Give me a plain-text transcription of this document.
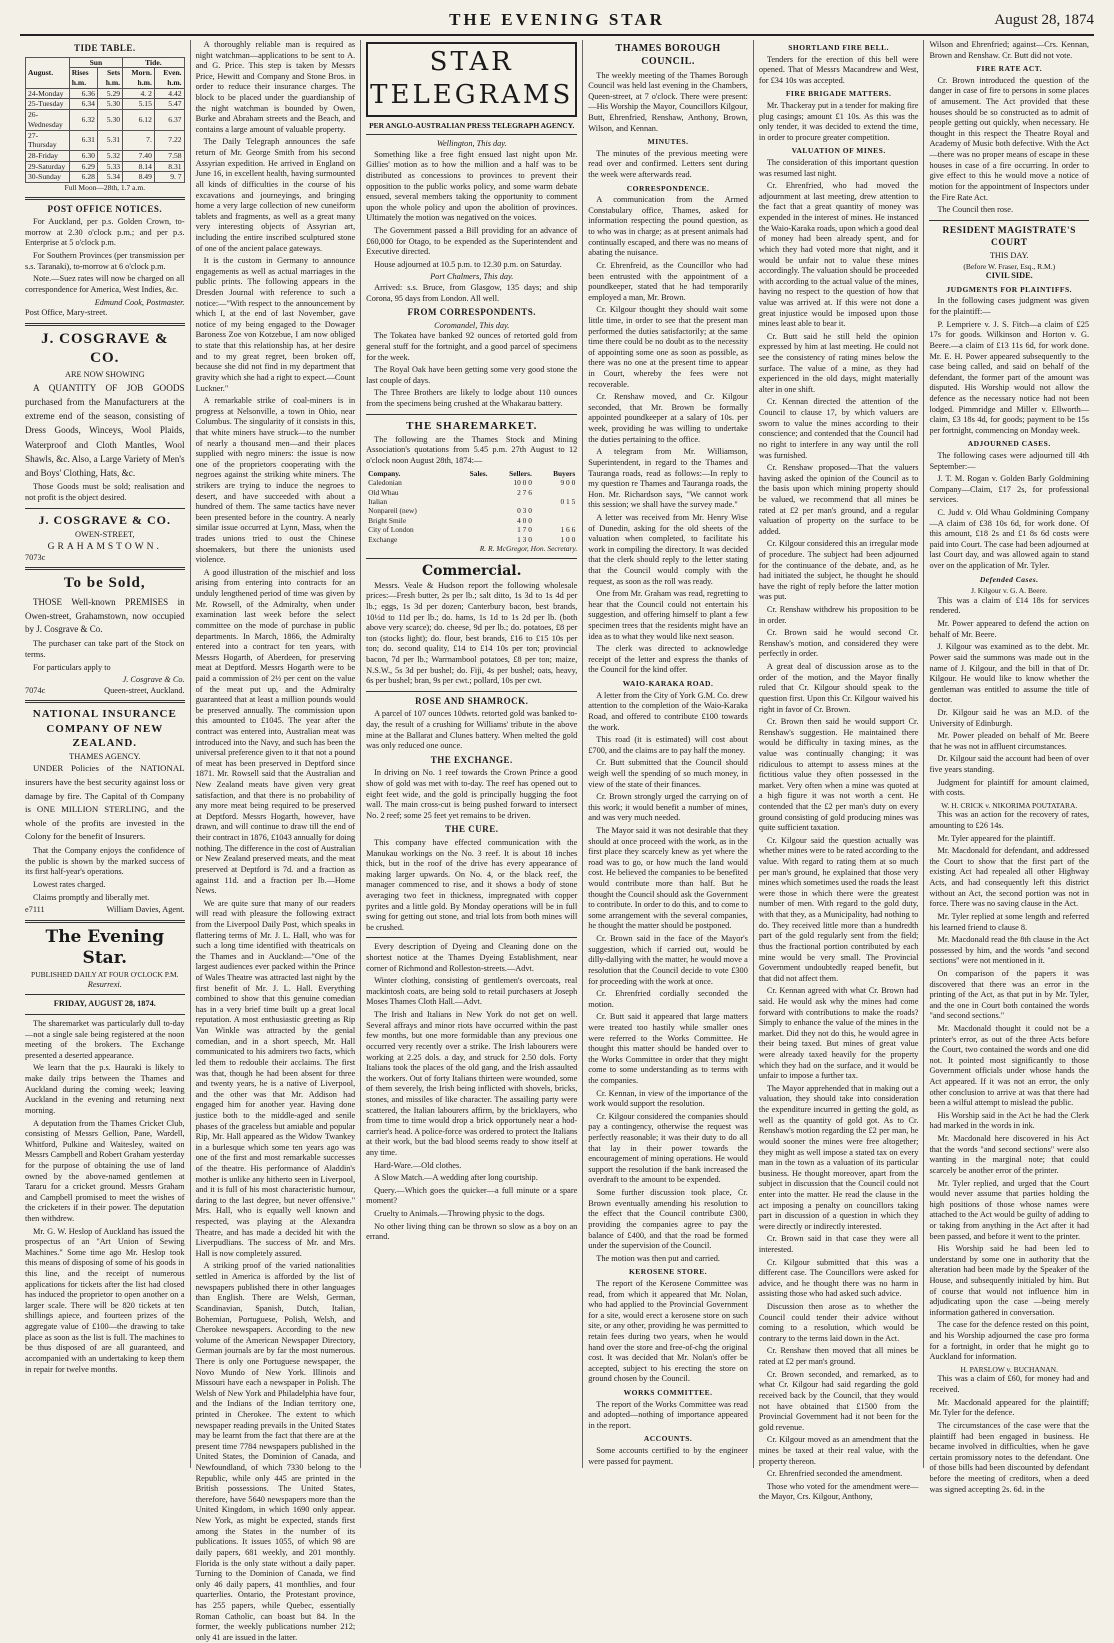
THE EVENING STAR	August 28, 1874
TIDE TABLE.
August.	Sun		Tide.	
	Rises h.m.	Sets h.m.	Morn. h.m.	Even. h.m.
24-Monday	6.36	5.29	4. 2	4.42
25-Tuesday	6.34	5.30	5.15	5.47
26-Wednesday	6.32	5.30	6.12	6.37
27-Thursday	6.31	5.31	7.	7.22
28-Friday	6.30	5.32	7.40	7.58
29-Saturday	6.29	5.33	8.14	8.31
30-Sunday	6.28	5.34	8.49	9. 7
Full Moon—28th, 1.7 a.m.
POST OFFICE NOTICES.

For Auckland, per p.s. Golden Crown, to-morrow at 2.30 o'clock p.m.; and per p.s. Enterprise at 5 o'clock p.m.

For Southern Provinces (per transmission per s.s. Taranaki), to-morrow at 6 o'clock p.m.

Note.—Suez rates will now be charged on all correspondence for America, West Indies, &c.

Edmund Cook, Postmaster.
Post Office, Mary-street.
J. COSGRAVE & CO.
ARE NOW SHOWING

A QUANTITY OF JOB GOODS purchased from the Manufacturers at the extreme end of the season, consisting of Dress Goods, Winceys, Wool Plaids, Waterproof and Cloth Mantles, Wool Shawls, &c. Also, a Large Variety of Men's and Boys' Clothing, Hats, &c.

Those Goods must be sold; realisation and not profit is the object desired.

J. COSGRAVE & CO.
OWEN-STREET,
GRAHAMSTOWN.
7073c
To be Sold,

THOSE Well-known PREMISES in Owen-street, Grahamstown, now occupied by J. Cosgrave & Co.

The purchaser can take part of the Stock on terms.

For particulars apply to

J. Cosgrave & Co.
7074c	Queen-street, Auckland.
NATIONAL INSURANCE COMPANY OF NEW ZEALAND.
THAMES AGENCY.

UNDER Policies of the NATIONAL insurers have the best security against loss or damage by fire. The Capital of th Company is ONE MILLION STERLING, and the whole of the profits are invested in the Colony for the benefit of Insurers.

That the Company enjoys the confidence of the public is shown by the marked success of its first half-year's operations.

Lowest rates charged.

Claims promptly and liberally met.

e7111	William Davies, Agent.
The Evening Star.
PUBLISHED DAILY AT FOUR O'CLOCK P.M.
Resurrexi.
FRIDAY, AUGUST 28, 1874.

The sharemarket was particularly dull to-day—not a single sale being registered at the noon meeting of the brokers. The Exchange presented a deserted appearance.

We learn that the p.s. Hauraki is likely to make daily trips between the Thames and Auckland during the coming week; leaving Auckland in the evening and returning next morning.

A deputation from the Thames Cricket Club, consisting of Messrs Gellion, Pane, Wardell, Whitford, Pulkine and Waitesley, waited on Messrs Campbell and Robert Graham yesterday for the purpose of obtaining the use of land owned by the above-named gentlemen at Tararu for a cricket ground. Messrs Graham and Campbell promised to meet the wishes of the cricketers if in their power. The deputation then withdrew.

Mr. G. W. Heslop of Auckland has issued the prospectus of an "Art Union of Sewing Machines." Some time ago Mr. Heslop took this means of disposing of some of his goods in this line, and the receipt of numerous applications for tickets after the list had closed has induced the proprietor to open another on a larger scale. There will be 820 tickets at ten shillings apiece, and fourteen prizes of the aggregate value of £100—the drawing to take place as soon as the list is full. The machines to be thus disposed of are all guaranteed, and accompanied with an undertaking to keep them in repair for twelve months.

A thoroughly reliable man is required as night watchman—applications to be sent to A. and G. Price. This step is taken by Messrs Price, Hewitt and Company and Stone Bros. in order to reduce their insurance charges. The block to be placed under the guardianship of the night watchman is bounded by Owen, Burke and Abraham streets and the Beach, and contains a large amount of valuable property.

The Daily Telegraph announces the safe return of Mr. George Smith from his second Assyrian expedition. He arrived in England on June 16, in excellent health, having surmounted all kinds of difficulties in the course of his excavations and journeyings, and bringing home a very large collection of new cuneiform tablets and fragments, as well as a great many very interesting objects of Assyrian art, including the entire inscribed sculptured stone of one of the ancient palace gateways.

It is the custom in Germany to announce engagements as well as actual marriages in the public prints. The following appears in the Dresden Journal with reference to such a notice:—"With respect to the announcement by which I, at the end of last November, gave notice of my being engaged to the Dowager Baroness Zoe von Kotzebue, I am now obliged to state that this relationship has, at her desire and to my great regret, been broken off, because she did not find in my department that gravity which she had a right to expect.—Count Luckner."

A remarkable strike of coal-miners is in progress at Nelsonville, a town in Ohio, near Columbus. The singularity of it consists in this, that white miners have struck—to the number of nearly a thousand men—and their places supplied with negro miners: the issue is now one of the proprietors cooperating with the negroes against the striking white miners. The strikers are trying to induce the negroes to desert, and have succeeded with about a hundred of them. The same tactics have never been presented before in the country. A nearly similar issue occurred at Lynn, Mass, when the trades unions tried to oust the Chinese shoemakers, but there the unionists used violence.

A good illustration of the mischief and loss arising from entering into contracts for an unduly lengthened period of time was given by Mr. Rowsell, of the Admiralty, when under examination last week before the select committee on the mode of purchase in public departments. In March, 1866, the Admiralty entered into a contract for ten years, with Messrs Hogarth, of Aberdeen, for preserving meat at Deptford. Messrs Hogarth were to be paid a commission of 2½ per cent on the value of the meat put up, and the Admiralty guaranteed that at least a million pounds would be preserved annually. The commission upon this amounted to £1045. The year after the contract was entered into, Australian meat was introduced into the Navy, and such has been the universal preference given to it that not a pound of meat has been preserved in Deptford since 1871. Mr. Rowsell said that the Australian and New Zealand meats have given very great satisfaction, and that there is no probability of any more meat being required to be preserved at Deptford. Messrs Hogarth, however, have drawn, and will continue to draw till the end of their contract in 1876, £1043 annually for doing nothing. The difference in the cost of Australian or New Zealand preserved meats, and the meat preserved at Deptford is 7d. and a fraction as against 11d. and a fraction per lb.—Home News.

We are quite sure that many of our readers will read with pleasure the following extract from the Liverpool Daily Post, which speaks in flattering terms of Mr. J. L. Hall, who was for such a long time identified with theatricals on the Thames and in Auckland:—"One of the largest audiences ever packed within the Prince of Wales Theatre was attracted last night by the first benefit of Mr. J. L. Hall. Everything combined to show that this genuine comedian has in a very brief time built up a great local reputation. A most enthusiastic greeting as Rip Van Winkle was attracted by the genial comedian, and in a short speech, Mr. Hall communicated to his admirers two facts, which led them to redouble their acclaims. The first was that, though he had been absent for three and twenty years, he is a native of Liverpool, and the other was that Mr. Addison had engaged him for another year. Having done justice both to the middle-aged and senile phases of the graceless but amiable and popular Rip, Mr. Hall appeared as the Widow Twankey in a burlesque which some ten years ago was one of the first and most remarkable successes of the theatre. His performance of Aladdin's mother is unlike any hitherto seen in Liverpool, and it is full of his most characteristic humour, daring to the last degree, but never offensive." Mrs. Hall, who is equally well known and respected, was playing at the Alexandra Theatre, and has made a decided hit with the Liverpudlians. The success of Mr. and Mrs. Hall is now completely assured.

A striking proof of the varied nationalities settled in America is afforded by the list of newspapers published there in other languages than English. There are Welsh, German, Scandinavian, Spanish, Dutch, Italian, Bohemian, Portuguese, Polish, Welsh, and Cherokee newspapers. According to the new volume of the American Newspaper Directory, German journals are by far the most numerous. There is only one Portuguese newspaper, the Novo Mundo of New York. Illinois and Missouri have each a newspaper in Polish. The Welsh of New York and Philadelphia have four, and the Indians of the Indian territory one, printed in Cherokee. The extent to which newspaper reading prevails in the United States may be learnt from the fact that there are at the present time 7784 newspapers published in the United States, the Dominion of Canada, and Newfoundland, of which 7330 belong to the Republic, while only 445 are printed in the British possessions. The United States, therefore, have 5640 newspapers more than the United Kingdom, in which 1690 only appear. New York, as might be expected, stands first among the States in the number of its publications. It issues 1055, of which 98 are daily papers, 681 weekly, and 201 monthly. Florida is the only state without a daily paper. Turning to the Dominion of Canada, we find only 46 daily papers, 41 monthlies, and four quarterlies. Ontario, the Protestant province, has 255 papers, while Quebec, essentially Roman Catholic, can boast but 84. In the former, the weekly publications number 212; only 41 are issued in the latter.

STAR TELEGRAMS
PER ANGLO-AUSTRALIAN PRESS TELEGRAPH AGENCY.
Wellington, This day.

Something like a free fight ensued last night upon Mr. Gillies' motion as to how the million and a half was to be distributed as concessions to provinces to prevent their opposition to the public works policy, and some warm debate ensued, several members taking the opportunity to comment upon the whole policy and upon the abolition of provinces. Ultimately the motion was negatived on the voices.

The Government passed a Bill providing for an advance of £60,000 for Otago, to be expended as the Superintendent and Executive directed.

House adjourned at 10.5 p.m. to 12.30 p.m. on Saturday.

Port Chalmers, This day.

Arrived: s.s. Bruce, from Glasgow, 135 days; and ship Corona, 95 days from London. All well.

FROM CORRESPONDENTS.
Coromandel, This day.

The Tokatea have banked 92 ounces of retorted gold from general stuff for the fortnight, and a good parcel of specimens for the week.

The Royal Oak have been getting some very good stone the last couple of days.

The Three Brothers are likely to lodge about 110 ounces from the specimens being crushed at the Whakarau battery.

THE SHAREMARKET.

The following are the Thames Stock and Mining Association's quotations from 5.45 p.m. 27th August to 12 o'clock noon August 28th, 1874:—

Company.	Sales.	Sellers.	Buyers
Caledonian		10 0 0	9 0 0
Old Whau		2 7 6	
Italian			0 1 5
Nonpareil (new)		0 3 0	
Bright Smile		4 0 0	
City of London		1 7 0	1 6 6
Exchange		1 3 0	1 0 0
R. R. McGregor, Hon. Secretary.
Commercial.

Messrs. Veale & Hudson report the following wholesale prices:—Fresh butter, 2s per lb.; salt ditto, 1s 3d to 1s 4d per lb.; eggs, 1s 3d per dozen; Canterbury bacon, best brands, 10½d to 11d per lb.; do. hams, 1s 1d to 1s 2d per lb. (both above very scarce); do. cheese, 9d per lb.; do. potatoes, £8 per ton (stocks light); do. flour, best brands, £16 to £15 10s per ton; do. second quality, £14 to £14 10s per ton; provincial bacon, 7d per lb.; Warrnambool potatoes, £8 per ton; maize, N.S.W., 5s 3d per bushel; do. Fiji, 4s per bushel; oats, heavy, 6s per bushel; bran, 9s per cwt.; pollard, 10s per cwt.

ROSE AND SHAMROCK.

A parcel of 107 ounces 10dwts. retorted gold was banked to-day, the result of a crushing for Williams' tribute in the above mine at the Ballarat and Clunes battery. When melted the gold was only reduced one ounce.

THE EXCHANGE.

In driving on No. 1 reef towards the Crown Prince a good show of gold was met with to-day. The reef has opened out to eight feet wide, and the gold is principally hugging the foot wall. The main cross-cut is being pushed forward to intersect No. 2 reef; some 25 feet yet remains to be driven.

THE CURE.

This company have effected communication with the Manukau workings on the No. 3 reef. It is about 18 inches thick, but in the roof of the drive has every appearance of making larger upwards. On No. 4, or the black reef, the manager commenced to rise, and it shows a body of stone averaging two feet in thickness, impregnated with copper pyrites and a little gold. By Monday operations will be in full swing for getting out stone, and trial lots from both mines will be crushed.

Every description of Dyeing and Cleaning done on the shortest notice at the Thames Dyeing Establishment, near corner of Richmond and Rolleston-streets.—Advt.

Winter clothing, consisting of gentlemen's overcoats, real mackintosh coats, are being sold to retail purchasers at Joseph Moses Thames Cloth Hall.—Advt.

The Irish and Italians in New York do not get on well. Several affrays and minor riots have occurred within the past few months, but one more formidable than any previous one occurred very recently over a strike. The Irish labourers were working at 2.25 dols. a day, and struck for 2.50 dols. Forty Italians took the places of the old gang, and the Irish assaulted the workers. Out of forty Italians thirteen were wounded, some of them severely, the Irish being inflicted with shovels, bricks, stones, and missiles of like character. The assailing party were scattered, the Italian labourers affirm, by the bricklayers, who from time to time would drop a brick opportunely near a hod-carrier's head. A police-force was ordered to protect the Italians at their work, but the bad blood seems ready to show itself at any time.

Hard-Ware.—Old clothes.

A Slow Match.—A wedding after long courtship.

Query.—Which goes the quicker—a full minute or a spare moment?

Cruelty to Animals.—Throwing physic to the dogs.

No other living thing can be thrown so slow as a boy on an errand.

THAMES BOROUGH COUNCIL.

The weekly meeting of the Thames Borough Council was held last evening in the Chambers, Queen-street, at 7 o'clock. There were present:—His Worship the Mayor, Councillors Kilgour, Butt, Ehrenfried, Renshaw, Anthony, Brown, Wilson, and Kennan.

MINUTES.

The minutes of the previous meeting were read over and confirmed. Letters sent during the week were afterwards read.

CORRESPONDENCE.

A communication from the Armed Constabulary office, Thames, asked for information respecting the pound question, as to who was in charge; as at present animals had continually escaped, and there was no means of abating the nuisance.

Cr. Ehrenfreid, as the Councillor who had been entrusted with the appointment of a poundkeeper, stated that he had temporarily employed a man, Mr. Brown.

Cr. Kilgour thought they should wait some little time, in order to see that the present man performed the duties satisfactorily; at the same time there could be no doubt as to the necessity of appointing some one as soon as possible, as there was no one at the present time to appear in Court, whereby the fees were not recoverable.

Cr. Renshaw moved, and Cr. Kilgour seconded, that Mr. Brown be formally appointed poundkeeper at a salary of 10s. per week, providing he was willing to undertake the duties pertaining to the office.

A telegram from Mr. Williamson, Superintendent, in regard to the Thames and Tauranga roads, read as follows:—In reply to my question re Thames and Tauranga roads, the Hon. Mr. Richardson says, "We cannot work this session; we shall have the survey made."

A letter was received from Mr. Henry Wise of Dunedin, asking for the old sheets of the valuation when completed, to facilitate his work in compiling the directory. It was decided that the clerk should reply to the letter stating that the Council would comply with the request, as soon as the roll was ready.

One from Mr. Graham was read, regretting to hear that the Council could not entertain his suggestion, and offering himself to plant a few specimen trees that the residents might have an idea as to what they would like next season.

The clerk was directed to acknowledge receipt of the letter and express the thanks of the Council for the kind offer.

WAIO-KARAKA ROAD.

A letter from the City of York G.M. Co. drew attention to the completion of the Waio-Karaka Road, and offered to contribute £100 towards the work.

This road (it is estimated) will cost about £700, and the claims are to pay half the money.

Cr. Butt submitted that the Council should weigh well the spending of so much money, in view of the state of their finances.

Cr. Brown strongly urged the carrying on of this work; it would benefit a number of mines, and was very much needed.

The Mayor said it was not desirable that they should at once proceed with the work, as in the first place they scarcely knew as yet where the road was to go, or how much the land would cost. He believed the companies to be benefited would contribute more than half. But he thought the Council should ask the Government to contribute. In order to do this, and to come to some arrangement with the several companies, he thought the matter should be postponed.

Cr. Brown said in the face of the Mayor's suggestion, which if carried out, would be dilly-dallying with the matter, he would move a resolution that the Council decide to vote £300 for proceeding with the work at once.

Cr. Ehrenfried cordially seconded the motion.

Cr. Butt said it appeared that large matters were treated too hastily while smaller ones were referred to the Works Committee. He thought this matter should be handed over to the Works Committee in order that they might come to some understanding as to terms with the companies.

Cr. Kennan, in view of the importance of the work would support the resolution.

Cr. Kilgour considered the companies should pay a contingency, otherwise the request was perfectly reasonable; it was their duty to do all that lay in their power towards the encouragement of mining operations. He would support the resolution if the bank increased the overdraft to the amount to be expended.

Some further discussion took place, Cr. Brown eventually amending his resolution to the effect that the Council contribute £300, providing the companies agree to pay the balance of £400, and that the road be formed under the supervision of the Council.

The motion was then put and carried.

KEROSENE STORE.

The report of the Kerosene Committee was read, from which it appeared that Mr. Nolan, who had applied to the Provincial Government for a site, would erect a kerosene store on such site, or any other, providing he was permitted to retain fees during two years, when he would hand over the store and free-of-chg the original cost. It was decided that Mr. Nolan's offer be accepted, subject to his erecting the store on ground chosen by the Council.

WORKS COMMITTEE.

The report of the Works Committee was read and adopted—nothing of importance appeared in the report.

ACCOUNTS.

Some accounts certified to by the engineer were passed for payment.

SHORTLAND FIRE BELL.

Tenders for the erection of this bell were opened. That of Messrs Macandrew and West, for £34 10s was accepted.

FIRE BRIGADE MATTERS.

Mr. Thackeray put in a tender for making fire plug casings; amount £1 10s. As this was the only tender, it was decided to extend the time, in order to procure greater competition.

VALUATION OF MINES.

The consideration of this important question was resumed last night.

Cr. Ehrenfried, who had moved the adjournment at last meeting, drew attention to the fact that a great quantity of money was expended in the interest of mines. He instanced the Waio-Karaka roads, upon which a good deal of money had been already spent, and for which they had voted more that night, and it would be unfair not to value these mines accordingly. The valuation should be proceeded with according to the actual value of the mines, having no respect to the question of how that value was arrived at. If this were not done a great injustice would be imposed upon those mines least able to bear it.

Cr. Butt said he still held the opinion expressed by him at last meeting. He could not see the consistency of rating mines below the surface. The value of a mine, as they had experienced in the old days, might materially alter in one shift.

Cr. Kennan directed the attention of the Council to clause 17, by which valuers are sworn to value the mines according to their conscience; and contended that the Council had no right to interfere in any way until the roll was furnished.

Cr. Renshaw proposed—That the valuers having asked the opinion of the Council as to the basis upon which mining property should be valued, we recommend that all mines be rated at £2 per man's ground, and a regular valuation of property on the surface to be added.

Cr. Kilgour considered this an irregular mode of procedure. The subject had been adjourned for the continuance of the debate, and, as he had initiated the subject, he thought he should have the right of reply before the latter motion was put.

Cr. Renshaw withdrew his proposition to be in order.

Cr. Brown said he would second Cr. Renshaw's motion, and considered they were perfectly in order.

A great deal of discussion arose as to the order of the motion, and the Mayor finally ruled that Cr. Kilgour should speak to the question first. Upon this Cr. Kilgour waived his right in favor of Cr. Brown.

Cr. Brown then said he would support Cr. Renshaw's suggestion. He maintained there would be difficulty in taxing mines, as the value was continually changing; it was ridiculous to attempt to assess mines at the fictitious value they often possessed in the market. Very often when a mine was quoted at a high figure it was not worth a cent. He contended that the £2 per man's duty on every ground consisting of gold producing mines was quite sufficient taxation.

Cr. Kilgour said the question actually was whether mines were to be rated according to the value. With regard to rating them at so much per man's ground, he explained that those very mines which sometimes used the roads the least were those in which there were the greatest number of men. With regard to the gold duty, with that they, as a Municipality, had nothing to do. They received little more than a hundredth part of the gold regularly sent from the field; thus the fractional portion contributed by each mine would be very small. The Provincial Government undoubtedly reaped benefit, but that did not affect them.

Cr. Kennan agreed with what Cr. Brown had said. He would ask why the mines had come forward with contributions to make the roads? Simply to enhance the value of the mines in the market. Did they not do this, he would agree in their being taxed. But mines of great value were already taxed heavily for the property which they had on the surface, and it would be unfair to impose a further tax.

The Mayor apprehended that in making out a valuation, they should take into consideration the expenditure incurred in getting the gold, as well as the quantity of gold got. As to Cr. Renshaw's motion regarding the £2 per man, he would sooner the mines were free altogether; they might as well impose a stated tax on every man in the town as a valuation of its particular business. He thought moreover, apart from the subject in discussion that the Council could not enter into the matter. He read the clause in the act imposing a penalty on councillors taking part in discussion of a question in which they were directly or indirectly interested.

Cr. Brown said in that case they were all interested.

Cr. Kilgour submitted that this was a different case. The Councillors were asked for advice, and he thought there was no harm in assisting those who had asked such advice.

Discussion then arose as to whether the Council could tender their advice without coming to a resolution, which would be contrary to the terms laid down in the Act.

Cr. Renshaw then moved that all mines be rated at £2 per man's ground.

Cr. Brown seconded, and remarked, as to what Cr. Kilgour had said regarding the gold received back by the Council, that they would not have obtained that £1500 from the Provincial Government had it not been for the gold revenue.

Cr. Kilgour moved as an amendment that the mines be taxed at their real value, with the property thereon.

Cr. Ehrenfried seconded the amendment.

Those who voted for the amendment were—the Mayor, Crs. Kilgour, Anthony,

Wilson and Ehrenfried; against—Crs. Kennan, Brown and Renshaw. Cr. Butt did not vote.

FIRE RATE ACT.

Cr. Brown introduced the question of the danger in case of fire to persons in some places of amusement. The Act provided that these houses should be so constructed as to admit of people getting out quickly, when necessary. He thought in this respect the Theatre Royal and Academy of Music both defective. With the Act—there was no proper means of escape in these houses in case of a fire occurring. In order to give effect to this he would move a notice of motion for the appointment of Inspectors under the Fire Rate Act.

The Council then rose.

RESIDENT MAGISTRATE'S COURT
THIS DAY.
(Before W. Fraser, Esq., R.M.)
CIVIL SIDE.
JUDGMENTS FOR PLAINTIFFS.

In the following cases judgment was given for the plaintiff:—

P. Lempriere v. J. S. Fitch—a claim of £25 17s for goods. Wilkinson and Horton v. G. Beere.—a claim of £13 11s 6d, for work done. Mr. E. H. Power appeared subsequently to the case being called, and said on behalf of the defendant, the former part of the amount was disputed. His Worship would not allow the defence as the necessary notice had not been lodged. Pimmridge and Miller v. Ellworth—claim, £3 18s 4d, for goods; payment to be 15s per fortnight, commencing on Monday week.

ADJOURNED CASES.

The following cases were adjourned till 4th September:—

J. T. M. Rogan v. Golden Barly Goldmining Company—Claim, £17 2s, for professional services.

C. Judd v. Old Whau Goldmining Company—A claim of £38 10s 6d, for work done. Of this amount, £18 2s and £1 8s 6d costs were paid into Court. The case had been adjourned at last Court day, and was allowed again to stand over on the application of Mr. Tyler.

Defended Cases.
J. Kilgour v. G. A. Beere.

This was a claim of £14 18s for services rendered.

Mr. Power appeared to defend the action on behalf of Mr. Beere.

J. Kilgour was examined as to the debt. Mr. Power said the summons was made out in the name of J. Kilgour, and the bill in that of Dr. Kilgour. He would like to know whether the gentleman was entitled to assume the title of doctor.

Dr. Kilgour said he was an M.D. of the University of Edinburgh.

Mr. Power pleaded on behalf of Mr. Beere that he was not in affluent circumstances.

Dr. Kilgour said the account had been of over five years standing.

Judgment for plaintiff for amount claimed, with costs.

W. H. CRICK v. NIKORIMA POUTATARA.

This was an action for the recovery of rates, amounting to £26 14s.

Mr. Tyler appeared for the plaintiff.

Mr. Macdonald for defendant, and addressed the Court to show that the first part of the existing Act had repealed all other Highway Acts, and had consequently left this district without an Act, the second portion was not in force. There was no saving clause in the Act.

Mr. Tyler replied at some length and referred his learned friend to clause 8.

Mr. Macdonald read the 8th clause in the Act possessed by him, and the words "and second sections" were not mentioned in it.

On comparison of the papers it was discovered that there was an error in the printing of the Act, as that put in by Mr. Tyler, and the one in Court both contained the words "and second sections."

Mr. Macdonald thought it could not be a printer's error, as out of the three Acts before the Court, two contained the words and one did not. It pointed most significantly to those Government officials under whose hands the Act appeared. If it was not an error, the only other conclusion to arrive at was that there had been a wilful attempt to mislead the public.

His Worship said in the Act he had the Clerk had marked in the words in ink.

Mr. Macdonald here discovered in his Act that the words "and second sections" were also wanting in the marginal note; that could scarcely be another error of the printer.

Mr. Tyler replied, and urged that the Court would never assume that parties holding the high positions of those whose names were attached to the Act would be guilty of adding to or taking from anything in the Act after it had been passed, and before it went to the printer.

His Worship said he had been led to understand by some one in authority that the alteration had been made by the Speaker of the House, and subsequently initialed by him. But of course that would not influence him in adjudicating upon the case —being merely information gathered in conversation.

The case for the defence rested on this point, and his Worship adjourned the case pro forma for a fortnight, in order that he might go to Auckland for information.

H. PARSLOW v. BUCHANAN.

This was a claim of £60, for money had and received.

Mr. Macdonald appeared for the plaintiff; Mr. Tyler for the defence.

The circumstances of the case were that the plaintiff had been engaged in business. He became involved in difficulties, when he gave certain promissory notes to the defendant. One of those bills had been discounted by defendant before the meeting of creditors, when a deed was signed accepting 2s. 6d. in the
